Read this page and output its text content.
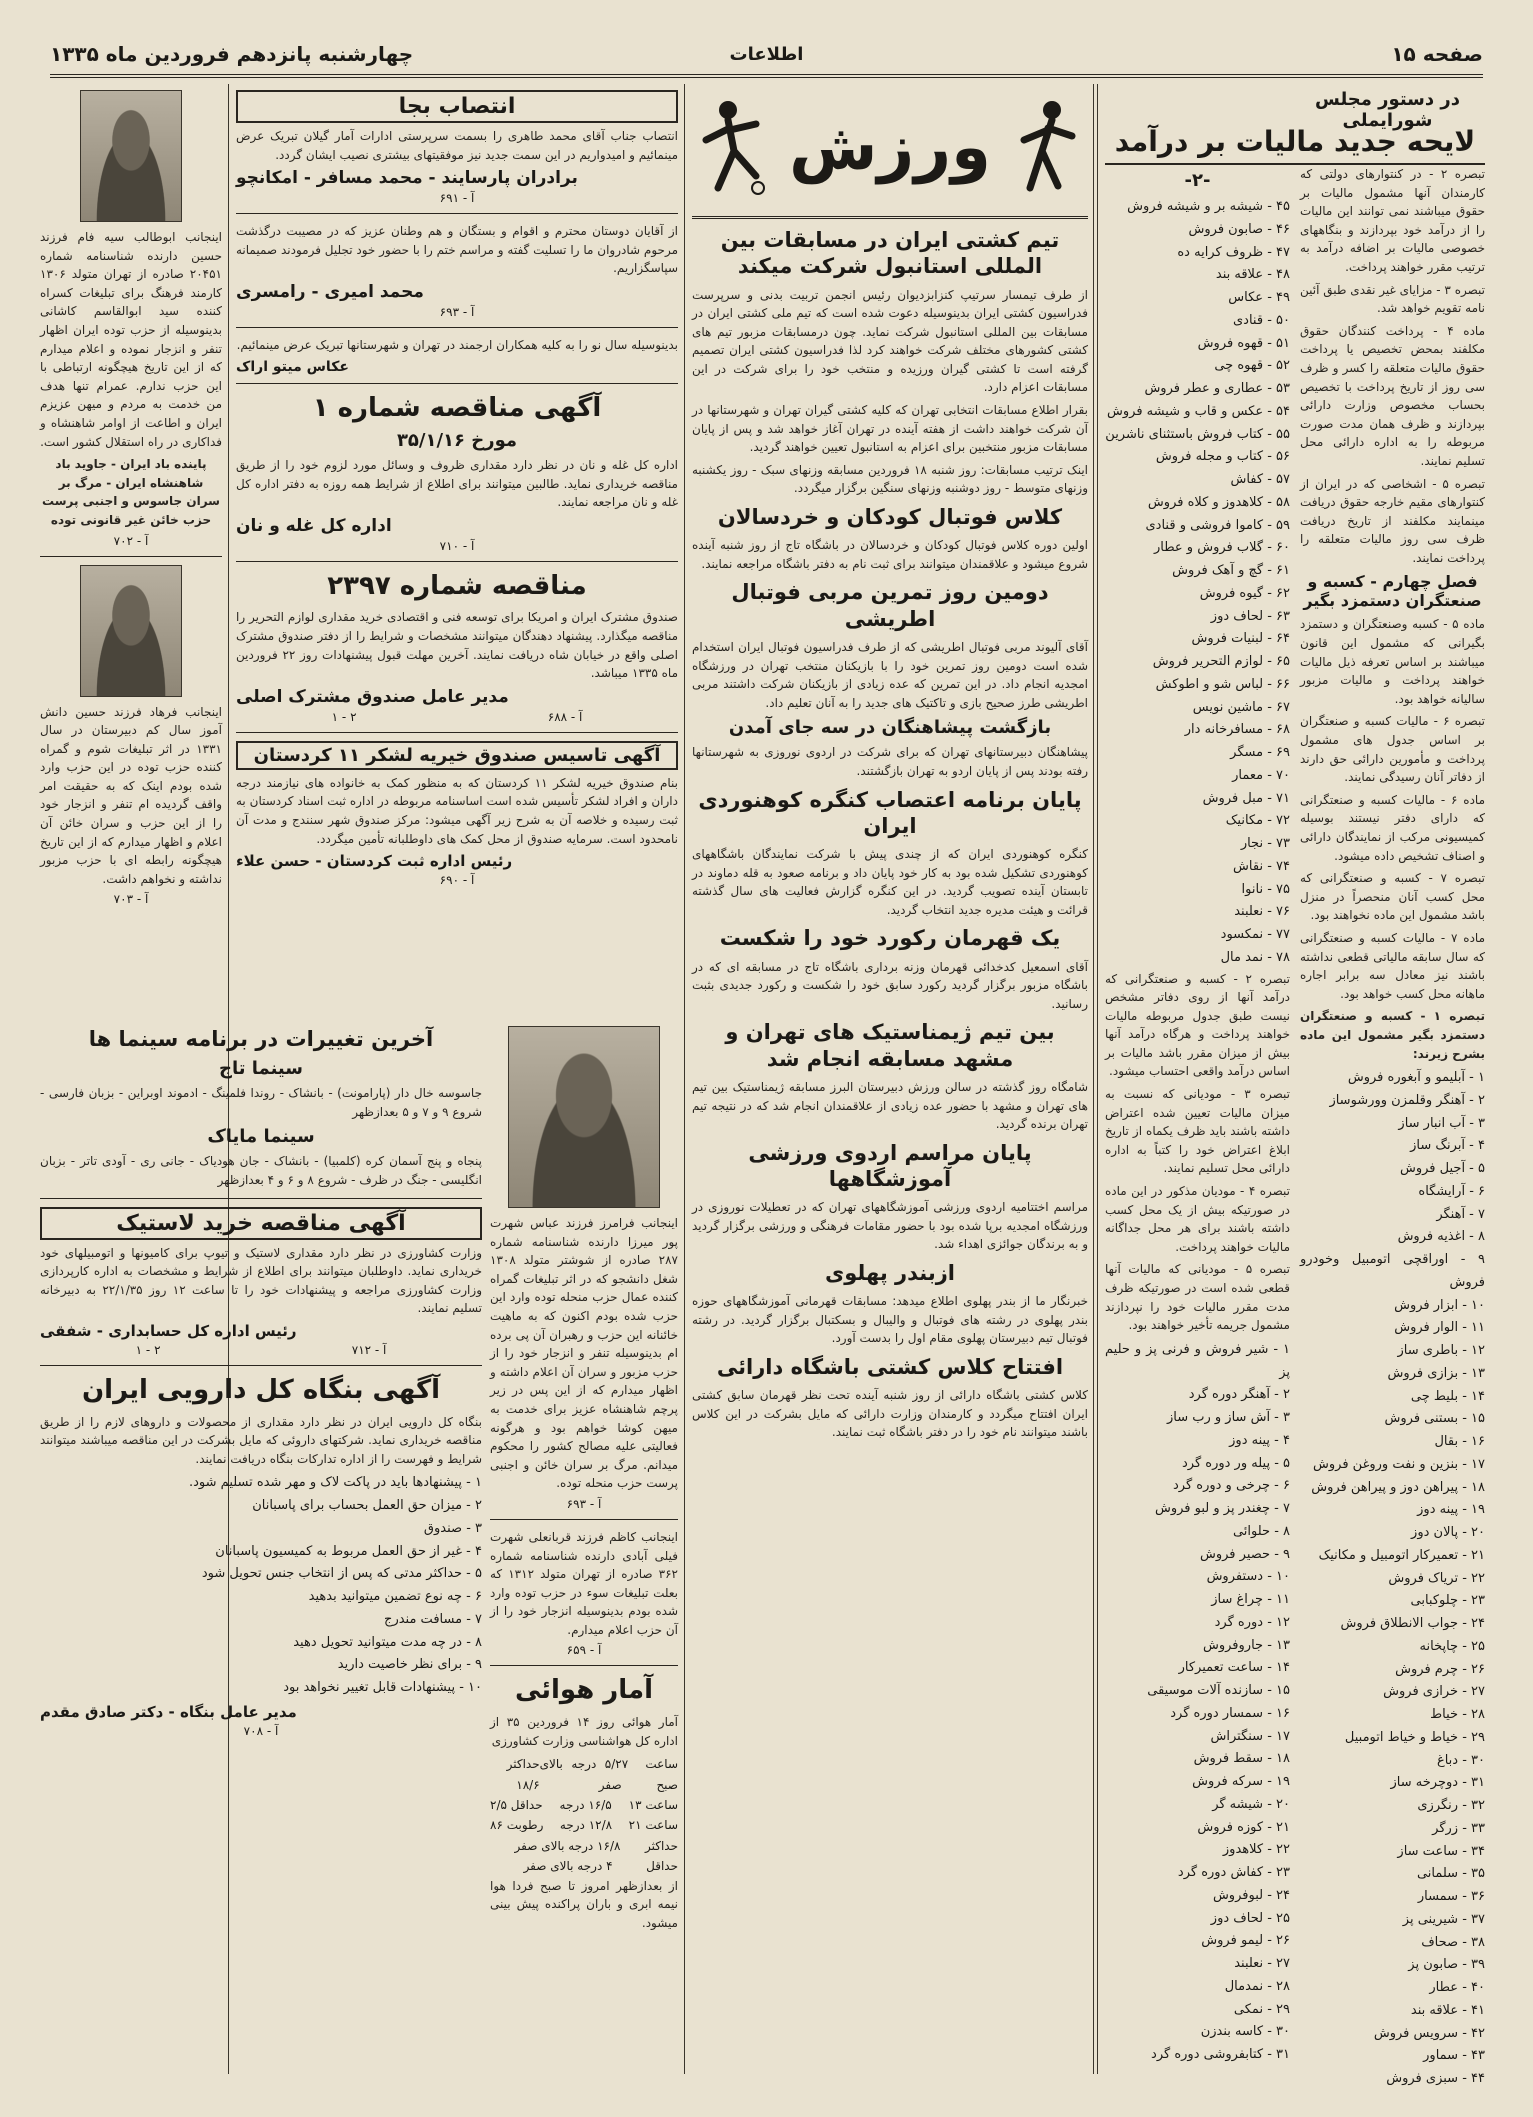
صفحه ۱۵
اطلاعات
چهارشنبه پانزدهم فروردین ماه ۱۳۳۵
در دستور مجلس شورایملی
لایحه جدید مالیات بر درآمد

تبصره ۲ - در کنتوارهای دولتی که کارمندان آنها مشمول مالیات بر حقوق میباشند نمی توانند این مالیات را از درآمد خود بپردازند و بنگاههای خصوصی مالیات بر اضافه درآمد به ترتیب مقرر خواهند پرداخت.

تبصره ۳ - مزایای غیر نقدی طبق آئین نامه تقویم خواهد شد.

ماده ۴ - پرداخت کنندگان حقوق مکلفند بمحض تخصیص یا پرداخت حقوق مالیات متعلقه را کسر و ظرف سی روز از تاریخ پرداخت با تخصیص بحساب مخصوص وزارت دارائی بپردازند و ظرف همان مدت صورت مربوطه را به اداره دارائی محل تسلیم نمایند.

تبصره ۵ - اشخاصی که در ایران از کنتوارهای مقیم خارجه حقوق دریافت مینمایند مکلفند از تاریخ دریافت ظرف سی روز مالیات متعلقه را پرداخت نمایند.

فصل چهارم - کسبه و صنعتگران دستمزد بگیر

ماده ۵ - کسبه وصنعتگران و دستمزد بگیرانی که مشمول این قانون میباشند بر اساس تعرفه ذیل مالیات خواهند پرداخت و مالیات مزبور سالیانه خواهد بود.

تبصره ۶ - مالیات کسبه و صنعتگران بر اساس جدول های مشمول پرداخت و مأمورین دارائی حق دارند از دفاتر آنان رسیدگی نمایند.

ماده ۶ - مالیات کسبه و صنعتگرانی که دارای دفتر نیستند بوسیله کمیسیونی مرکب از نمایندگان دارائی و اصناف تشخیص داده میشود.

تبصره ۷ - کسبه و صنعتگرانی که محل کسب آنان منحصراً در منزل باشد مشمول این ماده نخواهند بود.

ماده ۷ - مالیات کسبه و صنعتگرانی که سال سابقه مالیاتی قطعی نداشته باشند نیز معادل سه برابر اجاره ماهانه محل کسب خواهد بود.

تبصره ۱ - کسبه و صنعتگران دستمزد بگیر مشمول این ماده بشرح زیرند:

۱ - آبلیمو و آبغوره فروش

۲ - آهنگر وقلمزن وورشوساز

۳ - آب انبار ساز

۴ - آبرنگ ساز

۵ - آجیل فروش

۶ - آرایشگاه

۷ - آهنگر

۸ - اغذیه فروش

۹ - اوراقچی اتومبیل وخودرو فروش

۱۰ - ابزار فروش

۱۱ - الوار فروش

۱۲ - باطری ساز

۱۳ - بزازی فروش

۱۴ - بلیط چی

۱۵ - بستنی فروش

۱۶ - بقال

۱۷ - بنزین و نفت وروغن فروش

۱۸ - پیراهن دوز و پیراهن فروش

۱۹ - پینه دوز

۲۰ - پالان دوز

۲۱ - تعمیرکار اتومبیل و مکانیک

۲۲ - تریاک فروش

۲۳ - چلوکبابی

۲۴ - جواب الانطلاق فروش

۲۵ - چاپخانه

۲۶ - چرم فروش

۲۷ - خرازی فروش

۲۸ - خیاط

۲۹ - خیاط و خیاط اتومبیل

۳۰ - دباغ

۳۱ - دوچرخه ساز

۳۲ - رنگرزی

۳۳ - زرگر

۳۴ - ساعت ساز

۳۵ - سلمانی

۳۶ - سمسار

۳۷ - شیرینی پز

۳۸ - صحاف

۳۹ - صابون پز

۴۰ - عطار

۴۱ - علاقه بند

۴۲ - سرویس فروش

۴۳ - سماور

۴۴ - سبزی فروش

-۲-

۴۵ - شیشه بر و شیشه فروش

۴۶ - صابون فروش

۴۷ - ظروف کرایه ده

۴۸ - علاقه بند

۴۹ - عکاس

۵۰ - قنادی

۵۱ - قهوه فروش

۵۲ - قهوه چی

۵۳ - عطاری و عطر فروش

۵۴ - عکس و قاب و شیشه فروش

۵۵ - کتاب فروش باستثنای ناشرین

۵۶ - کتاب و مجله فروش

۵۷ - کفاش

۵۸ - کلاهدوز و کلاه فروش

۵۹ - کاموا فروشی و قنادی

۶۰ - گلاب فروش و عطار

۶۱ - گچ و آهک فروش

۶۲ - گیوه فروش

۶۳ - لحاف دوز

۶۴ - لبنیات فروش

۶۵ - لوازم التحریر فروش

۶۶ - لباس شو و اطوکش

۶۷ - ماشین نویس

۶۸ - مسافرخانه دار

۶۹ - مسگر

۷۰ - معمار

۷۱ - مبل فروش

۷۲ - مکانیک

۷۳ - نجار

۷۴ - نقاش

۷۵ - نانوا

۷۶ - نعلبند

۷۷ - نمکسود

۷۸ - نمد مال

تبصره ۲ - کسبه و صنعتگرانی که درآمد آنها از روی دفاتر مشخص نیست طبق جدول مربوطه مالیات خواهند پرداخت و هرگاه درآمد آنها بیش از میزان مقرر باشد مالیات بر اساس درآمد واقعی احتساب میشود.

تبصره ۳ - مودیانی که نسبت به میزان مالیات تعیین شده اعتراض داشته باشند باید ظرف یکماه از تاریخ ابلاغ اعتراض خود را کتباً به اداره دارائی محل تسلیم نمایند.

تبصره ۴ - مودیان مذکور در این ماده در صورتیکه بیش از یک محل کسب داشته باشند برای هر محل جداگانه مالیات خواهند پرداخت.

تبصره ۵ - مودیانی که مالیات آنها قطعی شده است در صورتیکه ظرف مدت مقرر مالیات خود را نپردازند مشمول جریمه تأخیر خواهند بود.

۱ - شیر فروش و فرنی پز و حلیم پز

۲ - آهنگر دوره گرد

۳ - آش ساز و رب ساز

۴ - پینه دوز

۵ - پیله ور دوره گرد

۶ - چرخی و دوره گرد

۷ - چغندر پز و لبو فروش

۸ - حلوائی

۹ - حصیر فروش

۱۰ - دستفروش

۱۱ - چراغ ساز

۱۲ - دوره گرد

۱۳ - جاروفروش

۱۴ - ساعت تعمیرکار

۱۵ - سازنده آلات موسیقی

۱۶ - سمسار دوره گرد

۱۷ - سنگتراش

۱۸ - سقط فروش

۱۹ - سرکه فروش

۲۰ - شیشه گر

۲۱ - کوزه فروش

۲۲ - کلاهدوز

۲۳ - کفاش دوره گرد

۲۴ - لبوفروش

۲۵ - لحاف دوز

۲۶ - لیمو فروش

۲۷ - نعلبند

۲۸ - نمدمال

۲۹ - نمکی

۳۰ - کاسه بندزن

۳۱ - کتابفروشی دوره گرد

ورزش
تیم کشتی ایران در مسابقات بین المللی استانبول شرکت میکند

از طرف تیمسار سرتیپ کنزابزدیوان رئیس انجمن تربیت بدنی و سرپرست فدراسیون کشتی ایران بدینوسیله دعوت شده است که تیم ملی کشتی ایران در مسابقات بین المللی استانبول شرکت نماید. چون درمسابقات مزبور تیم های کشتی کشورهای مختلف شرکت خواهند کرد لذا فدراسیون کشتی ایران تصمیم گرفته است تا کشتی گیران ورزیده و منتخب خود را برای شرکت در این مسابقات اعزام دارد.

بقرار اطلاع مسابقات انتخابی تهران که کلیه کشتی گیران تهران و شهرستانها در آن شرکت خواهند داشت از هفته آینده در تهران آغاز خواهد شد و پس از پایان مسابقات مزبور منتخبین برای اعزام به استانبول تعیین خواهند گردید.

اینک ترتیب مسابقات: روز شنبه ۱۸ فروردین مسابقه وزنهای سبک - روز یکشنبه وزنهای متوسط - روز دوشنبه وزنهای سنگین برگزار میگردد.

کلاس فوتبال کودکان و خردسالان

اولین دوره کلاس فوتبال کودکان و خردسالان در باشگاه تاج از روز شنبه آینده شروع میشود و علاقمندان میتوانند برای ثبت نام به دفتر باشگاه مراجعه نمایند.

دومین روز تمرین مربی فوتبال اطریشی

آقای آلیوند مربی فوتبال اطریشی که از طرف فدراسیون فوتبال ایران استخدام شده است دومین روز تمرین خود را با بازیکنان منتخب تهران در ورزشگاه امجدیه انجام داد. در این تمرین که عده زیادی از بازیکنان شرکت داشتند مربی اطریشی طرز صحیح بازی و تاکتیک های جدید را به آنان تعلیم داد.

بازگشت پیشاهنگان در سه جای آمدن

پیشاهنگان دبیرستانهای تهران که برای شرکت در اردوی نوروزی به شهرستانها رفته بودند پس از پایان اردو به تهران بازگشتند.

پایان برنامه اعتصاب کنگره کوهنوردی ایران

کنگره کوهنوردی ایران که از چندی پیش با شرکت نمایندگان باشگاههای کوهنوردی تشکیل شده بود به کار خود پایان داد و برنامه صعود به قله دماوند در تابستان آینده تصویب گردید. در این کنگره گزارش فعالیت های سال گذشته قرائت و هیئت مدیره جدید انتخاب گردید.

یک قهرمان رکورد خود را شکست

آقای اسمعیل کدخدائی قهرمان وزنه برداری باشگاه تاج در مسابقه ای که در باشگاه مزبور برگزار گردید رکورد سابق خود را شکست و رکورد جدیدی بثبت رسانید.

بین تیم ژیمناستیک های تهران و مشهد مسابقه انجام شد

شامگاه روز گذشته در سالن ورزش دبیرستان البرز مسابقه ژیمناستیک بین تیم های تهران و مشهد با حضور عده زیادی از علاقمندان انجام شد که در نتیجه تیم تهران برنده گردید.

پایان مراسم اردوی ورزشی آموزشگاهها

مراسم اختتامیه اردوی ورزشی آموزشگاههای تهران که در تعطیلات نوروزی در ورزشگاه امجدیه برپا شده بود با حضور مقامات فرهنگی و ورزشی برگزار گردید و به برندگان جوائزی اهداء شد.

ازبندر پهلوی

خبرنگار ما از بندر پهلوی اطلاع میدهد: مسابقات قهرمانی آموزشگاههای حوزه بندر پهلوی در رشته های فوتبال و والیبال و بسکتبال برگزار گردید. در رشته فوتبال تیم دبیرستان پهلوی مقام اول را بدست آورد.

افتتاح کلاس کشتی باشگاه دارائی

کلاس کشتی باشگاه دارائی از روز شنبه آینده تحت نظر قهرمان سابق کشتی ایران افتتاح میگردد و کارمندان وزارت دارائی که مایل بشرکت در این کلاس باشند میتوانند نام خود را در دفتر باشگاه ثبت نمایند.

انتصاب بجا

انتصاب جناب آقای محمد طاهری را بسمت سرپرستی ادارات آمار گیلان تبریک عرض مینمائیم و امیدواریم در این سمت جدید نیز موفقیتهای بیشتری نصیب ایشان گردد.

برادران پارسایند - محمد مسافر - امکانچو
آ - ۶۹۱

از آقایان دوستان محترم و اقوام و بستگان و هم وطنان عزیز که در مصیبت درگذشت مرحوم شادروان ما را تسلیت گفته و مراسم ختم را با حضور خود تجلیل فرمودند صمیمانه سپاسگزاریم.

محمد امیری - رامسری
آ - ۶۹۳

بدینوسیله سال نو را به کلیه همکاران ارجمند در تهران و شهرستانها تبریک عرض مینمائیم.

عکاس میتو اراک
آگهی مناقصه شماره ۱
مورخ ۳۵/۱/۱۶

اداره کل غله و نان در نظر دارد مقداری ظروف و وسائل مورد لزوم خود را از طریق مناقصه خریداری نماید. طالبین میتوانند برای اطلاع از شرایط همه روزه به دفتر اداره کل غله و نان مراجعه نمایند.

اداره کل غله و نان
آ - ۷۱۰
مناقصه شماره ۲۳۹۷

صندوق مشترک ایران و امریکا برای توسعه فنی و اقتصادی خرید مقداری لوازم التحریر را مناقصه میگذارد. پیشنهاد دهندگان میتوانند مشخصات و شرایط را از دفتر صندوق مشترک اصلی واقع در خیابان شاه دریافت نمایند. آخرین مهلت قبول پیشنهادات روز ۲۲ فروردین ماه ۱۳۳۵ میباشد.

مدیر عامل صندوق مشترک اصلی
آ - ۶۸۸
۲ - ۱
آگهی تاسیس صندوق خیریه لشکر ۱۱ کردستان

بنام صندوق خیریه لشکر ۱۱ کردستان که به منظور کمک به خانواده های نیازمند درجه داران و افراد لشکر تأسیس شده است اساسنامه مربوطه در اداره ثبت اسناد کردستان به ثبت رسیده و خلاصه آن به شرح زیر آگهی میشود: مرکز صندوق شهر سنندج و مدت آن نامحدود است. سرمایه صندوق از محل کمک های داوطلبانه تأمین میگردد.

رئیس اداره ثبت کردستان - حسن علاء
آ - ۶۹۰
آخرین تغییرات در برنامه سینما ها
سینما تاج

جاسوسه خال دار (پارامونت) - بانشاک - روندا فلمینگ - ادموند اوبراین - بزبان فارسی - شروع ۹ و ۷ و ۵ بعدازظهر

سینما مایاک

پنجاه و پنج آسمان کره (کلمبیا) - بانشاک - جان هودیاک - جانی ری - آودی تاتر - بزبان انگلیسی - جنگ در ظرف - شروع ۸ و ۶ و ۴ بعدازظهر

آگهی مناقصه خرید لاستیک

وزارت کشاورزی در نظر دارد مقداری لاستیک و تیوپ برای کامیونها و اتومبیلهای خود خریداری نماید. داوطلبان میتوانند برای اطلاع از شرایط و مشخصات به اداره کارپردازی وزارت کشاورزی مراجعه و پیشنهادات خود را تا ساعت ۱۲ روز ۲۲/۱/۳۵ به دبیرخانه تسلیم نمایند.

رئیس اداره کل حسابداری - شفقی
آ - ۷۱۲
۲ - ۱
آگهی بنگاه کل دارویی ایران

بنگاه کل دارویی ایران در نظر دارد مقداری از محصولات و داروهای لازم را از طریق مناقصه خریداری نماید. شرکتهای داروئی که مایل بشرکت در این مناقصه میباشند میتوانند شرایط و فهرست را از اداره تدارکات بنگاه دریافت نمایند.

۱ - پیشنهادها باید در پاکت لاک و مهر شده تسلیم شود.

۲ - میزان حق العمل بحساب برای پاسبانان

۳ - صندوق

۴ - غیر از حق العمل مربوط به کمیسیون پاسبانان

۵ - حداکثر مدتی که پس از انتخاب جنس تحویل شود

۶ - چه نوع تضمین میتوانید بدهید

۷ - مسافت مندرج

۸ - در چه مدت میتوانید تحویل دهید

۹ - برای نظر خاصیت دارید

۱۰ - پیشنهادات قابل تغییر نخواهد بود

مدیر عامل بنگاه - دکتر صادق مقدم
آ - ۷۰۸

اینجانب فرامرز فرزند عباس شهرت پور میرزا دارنده شناسنامه شماره ۲۸۷ صادره از شوشتر متولد ۱۳۰۸ شغل دانشجو که در اثر تبلیغات گمراه کننده عمال حزب منحله توده وارد این حزب شده بودم اکنون که به ماهیت خائنانه این حزب و رهبران آن پی برده ام بدینوسیله تنفر و انزجار خود را از حزب مزبور و سران آن اعلام داشته و اظهار میدارم که از این پس در زیر پرچم شاهنشاه عزیز برای خدمت به میهن کوشا خواهم بود و هرگونه فعالیتی علیه مصالح کشور را محکوم میدانم. مرگ بر سران خائن و اجنبی پرست حزب منحله توده.

آ - ۶۹۳

اینجانب کاظم فرزند قربانعلی شهرت فیلی آبادی دارنده شناسنامه شماره ۳۶۲ صادره از تهران متولد ۱۳۱۲ که بعلت تبلیغات سوء در حزب توده وارد شده بودم بدینوسیله انزجار خود را از آن حزب اعلام میدارم.

آ - ۶۵۹
آمار هوائی

آمار هوائی روز ۱۴ فروردین ۳۵ از اداره کل هواشناسی وزارت کشاورزی

ساعت ۷ صبح
۵/۲ درجه بالای صفر
حداکثر ۱۸/۶
ساعت ۱۳
۱۶/۵ درجه
حداقل ۲/۵
ساعت ۲۱
۱۲/۸ درجه
رطوبت ۸۶
حداکثر
۱۶/۸ درجه بالای صفر
حداقل
۴ درجه بالای صفر

از بعدازظهر امروز تا صبح فردا هوا نیمه ابری و باران پراکنده پیش بینی میشود.

اینجانب ابوطالب سیه فام فرزند حسین دارنده شناسنامه شماره ۲۰۴۵۱ صادره از تهران متولد ۱۳۰۶ کارمند فرهنگ برای تبلیغات کسراه کننده سید ابوالقاسم کاشانی بدینوسیله از حزب توده ایران اظهار تنفر و انزجار نموده و اعلام میدارم که از این تاریخ هیچگونه ارتباطی با این حزب ندارم. عمرام تنها هدف من خدمت به مردم و میهن عزیزم ایران و اطاعت از اوامر شاهنشاه و فداکاری در راه استقلال کشور است.

پاینده باد ایران - جاوید باد شاهنشاه ایران - مرگ بر سران جاسوس و اجنبی پرست حزب خائن غیر قانونی توده

آ - ۷۰۲

اینجانب فرهاد فرزند حسین دانش آموز سال کم دبیرستان در سال ۱۳۳۱ در اثر تبلیغات شوم و گمراه کننده حزب توده در این حزب وارد شده بودم اینک که به حقیقت امر واقف گردیده ام تنفر و انزجار خود را از این حزب و سران خائن آن اعلام و اظهار میدارم که از این تاریخ هیچگونه رابطه ای با حزب مزبور نداشته و نخواهم داشت.

آ - ۷۰۳
